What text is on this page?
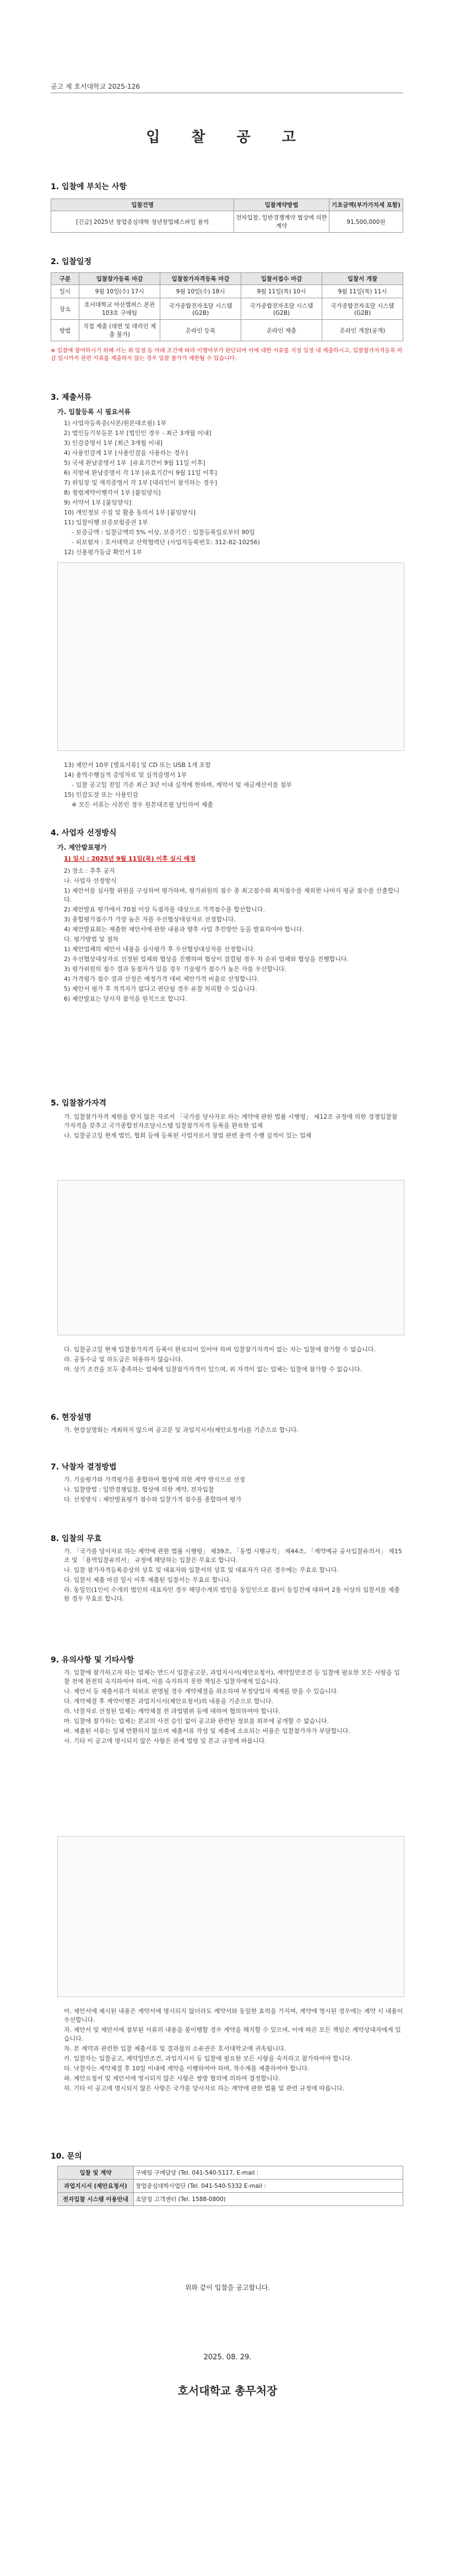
공고 제 호서대학교 2025-126
입 찰 공 고
1. 입찰에 부치는 사항
입찰건명	입찰계약방법	기초금액(부가가치세 포함)
[긴급] 2025년 창업중심대학 청년창업패스파일 용역	전자입찰, 일반경쟁계약 협상에 의한 계약	91,500,000원
2. 입찰일정
구분	입찰참가등록 마감	입찰참가자격등록 마감	입찰서접수 마감	입찰서 개찰
일시	9월 10일(수) 17시	9월 10일(수) 18시	9월 11일(목) 10시	9월 11일(목) 11시
장소	호서대학교 아산캠퍼스 본관 103호 구매팀	국가종합전자조달 시스템(G2B)	국가종합전자조달 시스템(G2B)	국가종합전자조달 시스템(G2B)
방법	직접 제출 (대면 및 대리인 제출 불가)	온라인 등록	온라인 제출	온라인 개찰(공개)
※ 입찰에 참여하시기 위해 서는 위 일정 등 아래 조건에 따라 이행여부가 판단되며 이에 대한 서류를 지정 일정 내 제출하시고, 입찰참가자격등록 마감 일시까지 관련 서류를 제출하지 않는 경우 입찰 참가가 제한될 수 있습니다.
3. 제출서류
가. 입찰등록 시 필요서류
1) 사업자등록증(사본/원본대조필) 1부
2) 법인등기부등본 1부 [법인인 경우 - 최근 3개월 이내]
3) 인감증명서 1부 [최근 3개월 이내]
4) 사용인감계 1부 [사용인감을 사용하는 경우]
5) 국세 완납증명서 1부  [유효기간이 9월 11일 이후]
6) 지방세 완납증명서 각 1부 [유효기간이 9월 11일 이후]
7) 위임장 및 재직증명서 각 1부 [대리인이 참석하는 경우]
8) 청렴계약이행각서 1부 [붙임양식]
9) 서약서 1부 [붙임양식]
10) 개인정보 수집 및 활용 동의서 1부 [붙임양식]
11) 입찰이행 보증보험증권 1부
- 보증금액 : 입찰금액의 5% 이상, 보증기간 : 입찰등록일로부터 90일
- 피보험자 : 호서대학교 산학협력단 (사업자등록번호: 312-82-10256)
12) 신용평가등급 확인서 1부
13) 제안서 10부 [별표서류] 및 CD 또는 USB 1개 포함
14) 용역수행실적 증빙자료 및 실적증명서 1부
- 입찰 공고일 전일 기준 최근 3년 이내 실적에 한하며, 계약서 및 세금계산서를 첨부
15) 인감도장 또는 사용인감
※ 모든 서류는 사본인 경우 원본대조필 날인하여 제출
4. 사업자 선정방식
가. 제안발표평가
1) 일시 : 2025년 9월 11일(목) 이후 실시 예정
2) 장소 : 추후 공지
나. 사업자 선정방식
1) 제안서를 심사할 위원을 구성하여 평가하며, 평가위원의 점수 중 최고점수와 최저점수를 제외한 나머지 평균 점수를 산출합니다.
2) 제안발표 평가에서 70점 이상 득점자를 대상으로 가격점수를 합산합니다.
3) 종합평가점수가 가장 높은 자를 우선협상대상자로 선정합니다.
4) 제안발표회는 제출한 제안서에 관한 내용과 향후 사업 추진방안 등을 발표하여야 합니다.
다. 평가방법 및 절차
1) 제안업체의 제안서 내용을 심사평가 후 우선협상대상자를 선정합니다.
2) 우선협상대상자로 선정된 업체와 협상을 진행하며 협상이 결렬될 경우 차 순위 업체와 협상을 진행합니다.
3) 평가위원의 점수 결과 동점자가 있을 경우 기술평가 점수가 높은 자를 우선합니다.
4) 가격평가 점수 결과 산정은 예정가격 대비 제안가격 비율로 산정합니다.
5) 제안서 평가 후 적격자가 없다고 판단될 경우 유찰 처리할 수 있습니다.
6) 제안발표는 당사자 참석을 원칙으로 합니다.
5. 입찰참가자격
가. 입찰참가자격 제한을 받지 않은 자로서 「국가를 당사자로 하는 계약에 관한 법률 시행령」 제12조 규정에 의한 경쟁입찰참가자격을 갖추고 국가종합전자조달시스템 입찰참가자격 등록을 완료한 업체
나. 입찰공고일 현재 법인, 협회 등에 등록된 사업자로서 창업 관련 용역 수행 실적이 있는 업체
다. 입찰공고일 현재 입찰참가자격 등록이 완료되어 있어야 하며 입찰참가자격이 없는 자는 입찰에 참가할 수 없습니다.
라. 공동수급 및 하도급은 허용하지 않습니다.
마. 상기 조건을 모두 충족하는 업체에 입찰참가자격이 있으며, 위 자격이 없는 업체는 입찰에 참가할 수 없습니다.
6. 현장설명
가. 현장설명회는 개최하지 않으며 공고문 및 과업지시서(제안요청서)를 기준으로 합니다.
7. 낙찰자 결정방법
가. 기술평가와 가격평가를 종합하여 협상에 의한 계약 방식으로 선정
나. 입찰방법 : 일반경쟁입찰, 협상에 의한 계약, 전자입찰
다. 선정방식 : 제안발표평가 점수와 입찰가격 점수를 종합하여 평가
8. 입찰의 무효
가. 「국가를 당사자로 하는 계약에 관한 법률 시행령」 제39조, 「동법 시행규칙」 제44조, 「계약예규 공사입찰유의서」 제15조 및 「용역입찰유의서」 규정에 해당하는 입찰은 무효로 합니다.
나. 입찰 참가자격등록증상의 상호 및 대표자와 입찰서의 상호 및 대표자가 다른 경우에는 무효로 합니다.
다. 입찰서 제출 마감 일시 이후 제출된 입찰서는 무효로 합니다.
라. 동일인(1인이 수개의 법인의 대표자인 경우 해당수개의 법인을 동일인으로 봄)이 동일건에 대하여 2통 이상의 입찰서를 제출한 경우 무효로 합니다.
9. 유의사항 및 기타사항
가. 입찰에 참가하고자 하는 업체는 반드시 입찰공고문, 과업지시서(제안요청서), 계약일반조건 등 입찰에 필요한 모든 사항을 입찰 전에 완전히 숙지하여야 하며, 이를 숙지하지 못한 책임은 입찰자에게 있습니다.
나. 제안서 등 제출서류가 허위로 판명될 경우 계약체결을 취소하며 부정당업자 제재를 받을 수 있습니다.
다. 계약체결 후 계약이행은 과업지시서(제안요청서)의 내용을 기준으로 합니다.
라. 낙찰자로 선정된 업체는 계약체결 전 과업범위 등에 대하여 협의하여야 합니다.
마. 입찰에 참가하는 업체는 본교의 사전 승인 없이 공고와 관련된 정보를 외부에 공개할 수 없습니다.
바. 제출된 서류는 일체 반환하지 않으며 제출서류 작성 및 제출에 소요되는 비용은 입찰참가자가 부담합니다.
사. 기타 이 공고에 명시되지 않은 사항은 관계 법령 및 본교 규정에 따릅니다.
아. 제안서에 제시된 내용은 계약서에 명시되지 않더라도 계약서와 동일한 효력을 가지며, 계약에 명시된 경우에는 계약 시 내용이 우선합니다.
자. 제안서 및 제안서에 첨부된 서류의 내용을 불이행할 경우 계약을 해지할 수 있으며, 이에 따른 모든 책임은 계약상대자에게 있습니다.
차. 본 계약과 관련한 입찰 제출서류 및 결과물의 소유권은 호서대학교에 귀속됩니다.
카. 입찰자는 입찰공고, 계약일반조건, 과업지시서 등 입찰에 필요한 모든 사항을 숙지하고 참가하여야 합니다.
타. 낙찰자는 계약체결 후 10일 이내에 계약을 이행하여야 하며, 착수계를 제출하여야 합니다.
파. 제안요청서 및 제안서에 명시되지 않은 사항은 쌍방 협의에 의하여 결정합니다.
하. 기타 이 공고에 명시되지 않은 사항은 국가를 당사자로 하는 계약에 관한 법률 및 관련 규정에 따릅니다.
10. 문의
입찰 및 계약	구매팀 구매담당 (Tel. 041-540-5117, E-mail :
과업지시서 (제안요청서)	창업중심대학사업단 (Tel. 041-540-5332 E-mail :
전자입찰 시스템 이용안내	조달청 고객센터 (Tel. 1588-0800)
위와 같이 입찰을 공고합니다.
2025. 08. 29.
호서대학교 총무처장
